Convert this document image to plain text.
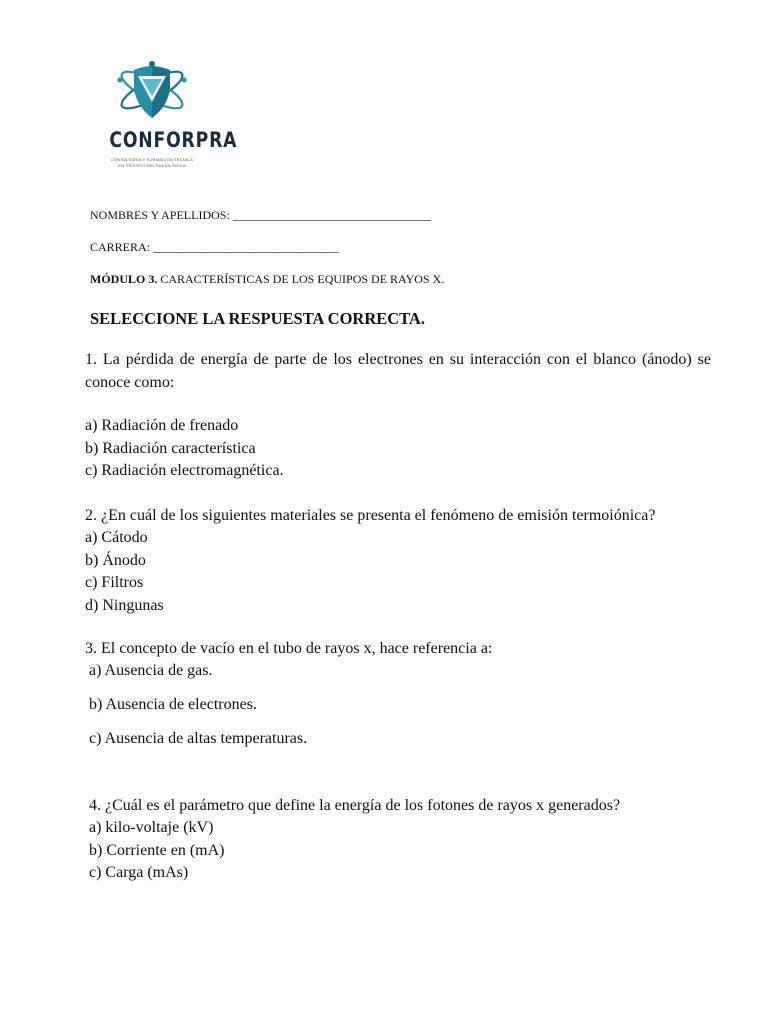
CONFORPRA
CONSULTORÍA Y FORMACIÓN TÉCNICA
EN PROTECCIÓN RADIOLÓGICA
NOMBRES Y APELLIDOS: _________________________________
CARRERA: _______________________________
MÓDULO 3. CARACTERÍSTICAS DE LOS EQUIPOS DE RAYOS X.
SELECCIONE LA RESPUESTA CORRECTA.
1. La pérdida de energía de parte de los electrones en su interacción con el blanco (ánodo) se conoce como:
a) Radiación de frenado
b) Radiación característica
c) Radiación electromagnética.
2. ¿En cuál de los siguientes materiales se presenta el fenómeno de emisión termoiónica?
a) Cátodo
b) Ánodo
c) Filtros
d) Ningunas
3. El concepto de vacío en el tubo de rayos x, hace referencia a:
a) Ausencia de gas.
b) Ausencia de electrones.
c) Ausencia de altas temperaturas.
4. ¿Cuál es el parámetro que define la energía de los fotones de rayos x generados?
a) kilo-voltaje (kV)
b) Corriente en (mA)
c) Carga (mAs)
